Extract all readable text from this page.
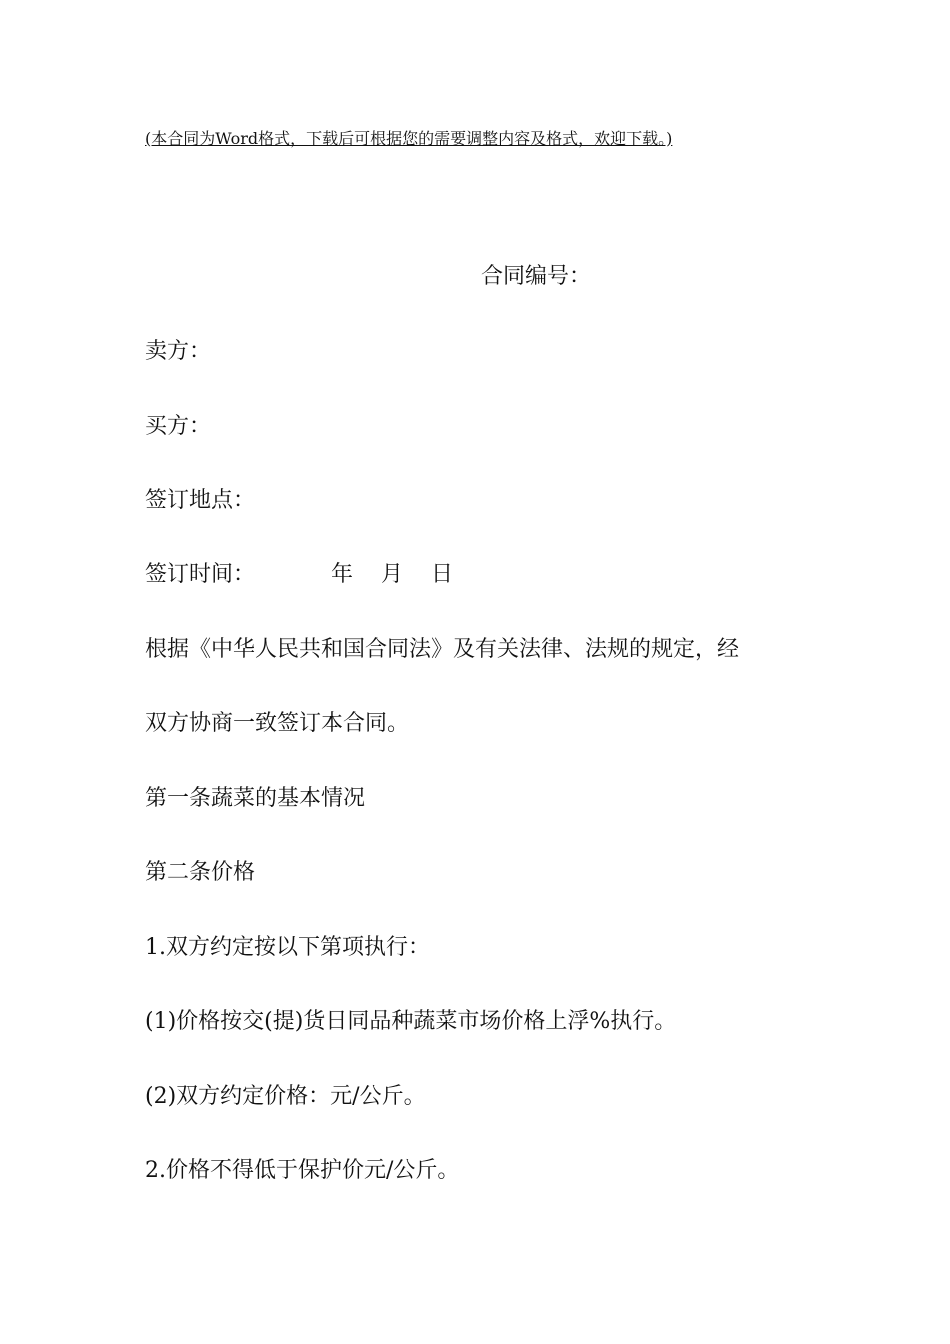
(本合同为Word格式，下载后可根据您的需要调整内容及格式，欢迎下载。)
合同编号：
卖方：
买方：
签订地点：
签订时间：	年 月 日
根据《中华人民共和国合同法》及有关法律、法规的规定，经
双方协商一致签订本合同。
第一条蔬菜的基本情况
第二条价格
1.双方约定按以下第项执行：
(1)价格按交(提)货日同品种蔬菜市场价格上浮%执行。
(2)双方约定价格：元/公斤。
2.价格不得低于保护价元/公斤。
